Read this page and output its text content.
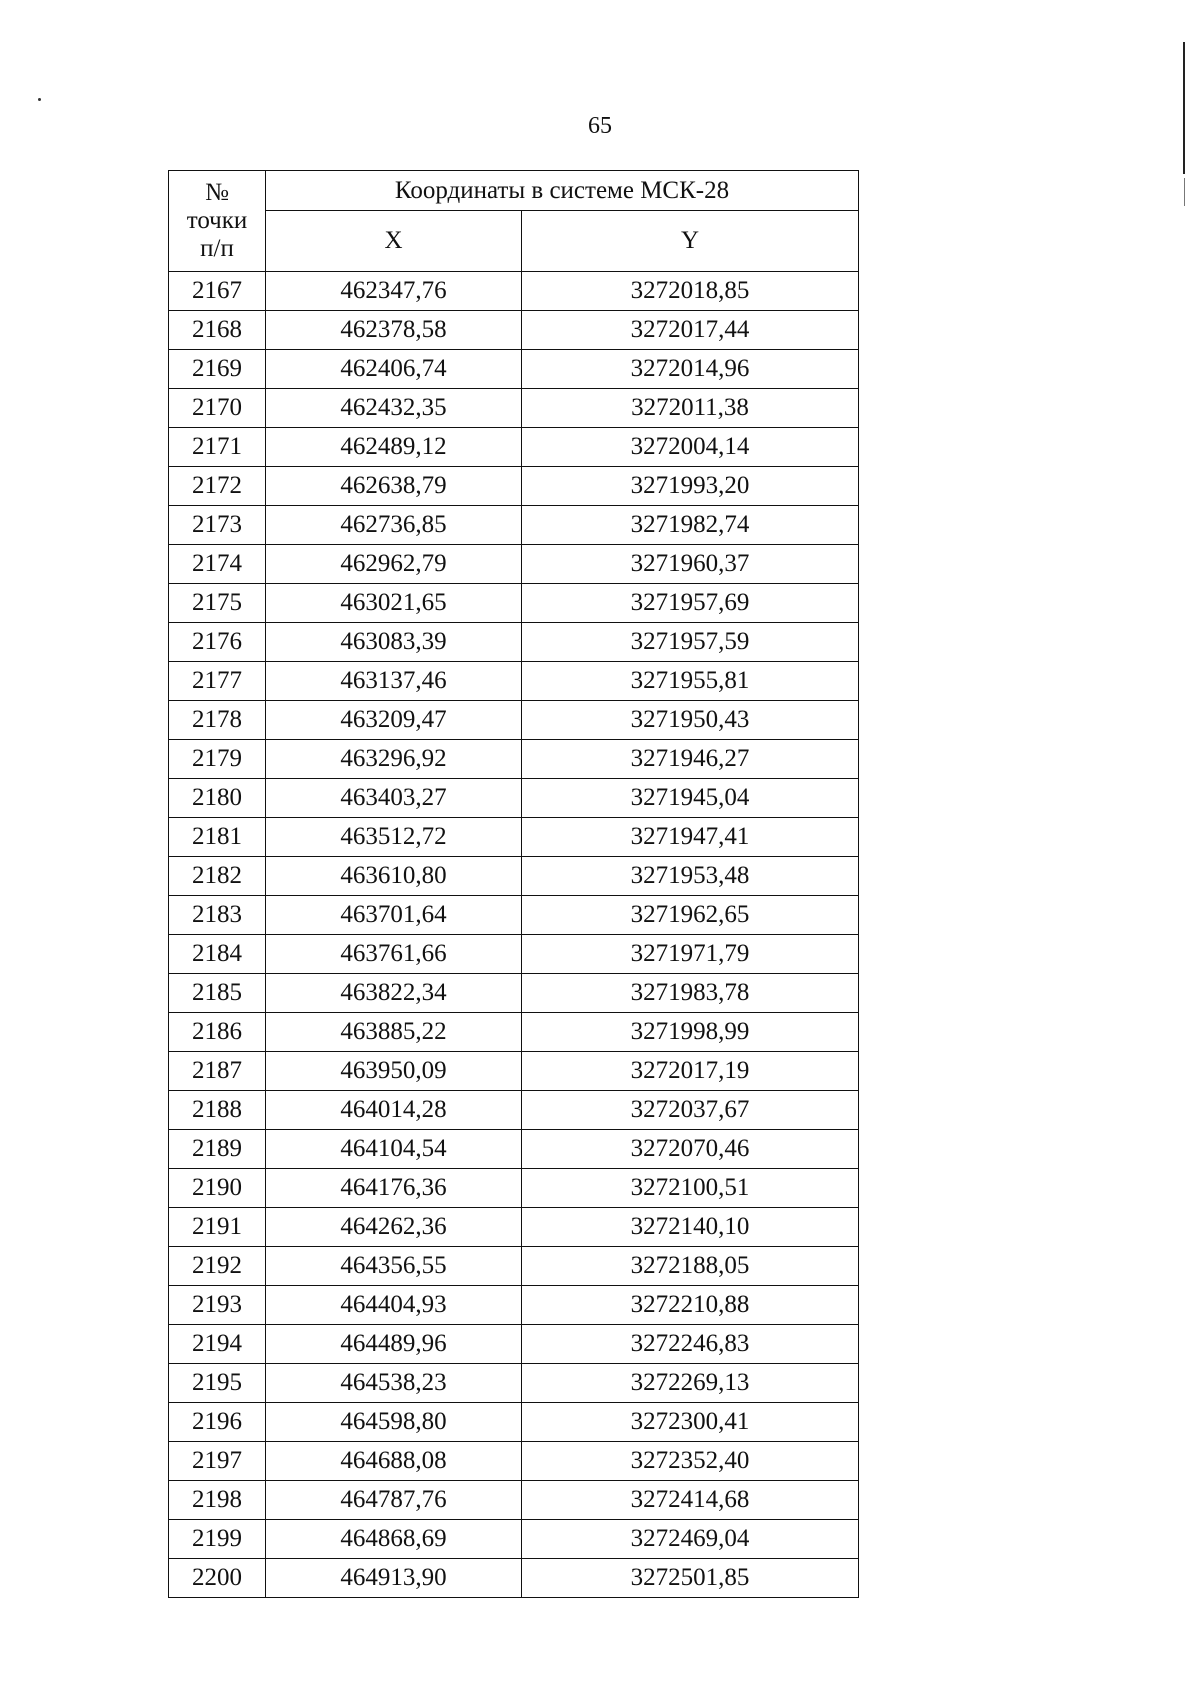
65
№
точки
п/п	Координаты в системе МСК-28	
	X	Y
2167	462347,76	3272018,85
2168	462378,58	3272017,44
2169	462406,74	3272014,96
2170	462432,35	3272011,38
2171	462489,12	3272004,14
2172	462638,79	3271993,20
2173	462736,85	3271982,74
2174	462962,79	3271960,37
2175	463021,65	3271957,69
2176	463083,39	3271957,59
2177	463137,46	3271955,81
2178	463209,47	3271950,43
2179	463296,92	3271946,27
2180	463403,27	3271945,04
2181	463512,72	3271947,41
2182	463610,80	3271953,48
2183	463701,64	3271962,65
2184	463761,66	3271971,79
2185	463822,34	3271983,78
2186	463885,22	3271998,99
2187	463950,09	3272017,19
2188	464014,28	3272037,67
2189	464104,54	3272070,46
2190	464176,36	3272100,51
2191	464262,36	3272140,10
2192	464356,55	3272188,05
2193	464404,93	3272210,88
2194	464489,96	3272246,83
2195	464538,23	3272269,13
2196	464598,80	3272300,41
2197	464688,08	3272352,40
2198	464787,76	3272414,68
2199	464868,69	3272469,04
2200	464913,90	3272501,85
